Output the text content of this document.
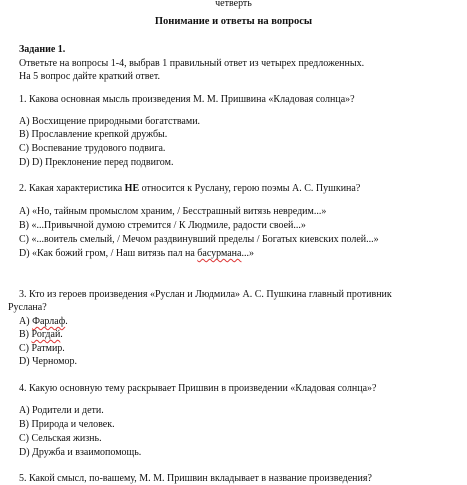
четверть
Понимание и ответы на вопросы
Задание 1.
Ответьте на вопросы 1-4, выбрав 1 правильный ответ из четырех предложенных.
На 5 вопрос дайте краткий ответ.
1. Какова основная мысль произведения М. М. Пришвина «Кладовая солнца»?
A) Восхищение природными богатствами.
B) Прославление крепкой дружбы.
C) Воспевание трудового подвига.
D) D) Преклонение перед подвигом.
2. Какая характеристика НЕ относится к Руслану, герою поэмы А. С. Пушкина?
A) «Но, тайным промыслом храним, / Бесстрашный витязь невредим...»
B) «...Привычной думою стремится / К Людмиле, радости своей...»
C) «...воитель смелый, / Мечом раздвинувший пределы / Богатых киевских полей...»
D) «Как божий гром, / Наш витязь пал на басурмана...»
3. Кто из героев произведения «Руслан и Людмила» А. С. Пушкина главный противник
Руслана?
A) Фарлаф.
B) Рогдай.
C) Ратмир.
D) Черномор.
4. Какую основную тему раскрывает Пришвин в произведении «Кладовая солнца»?
A) Родители и дети.
B) Природа и человек.
C) Сельская жизнь.
D) Дружба и взаимопомощь.
5. Какой смысл, по-вашему, М. М. Пришвин вкладывает в название произведения?
